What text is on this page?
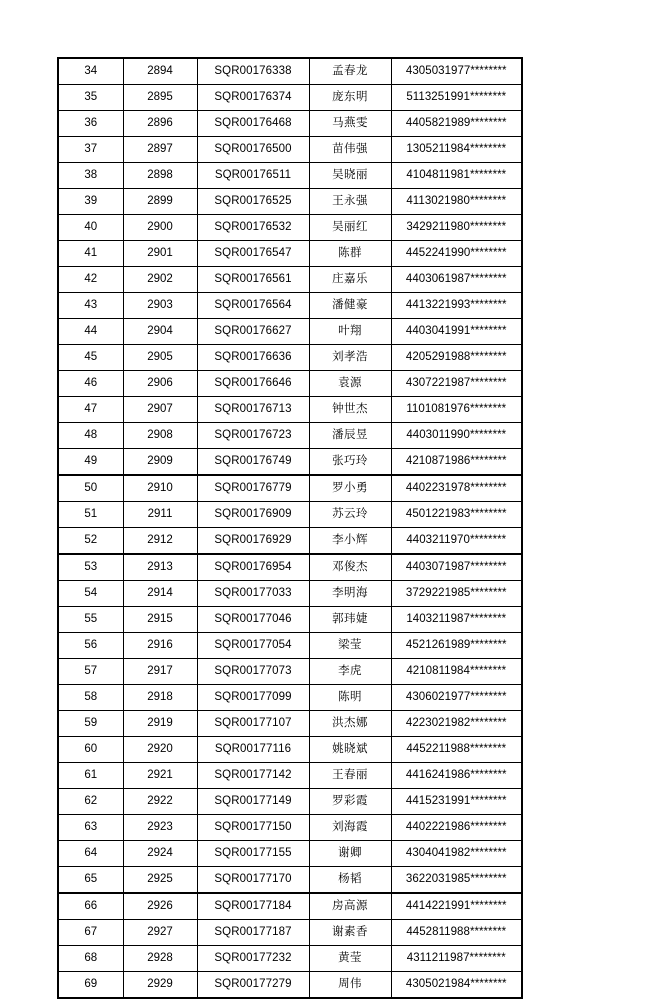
34	2894	SQR00176338	孟春龙	4305031977********
35	2895	SQR00176374	庞东明	5113251991********
36	2896	SQR00176468	马燕雯	4405821989********
37	2897	SQR00176500	苗伟强	1305211984********
38	2898	SQR00176511	吴晓丽	4104811981********
39	2899	SQR00176525	王永强	4113021980********
40	2900	SQR00176532	吴丽红	3429211980********
41	2901	SQR00176547	陈群	4452241990********
42	2902	SQR00176561	庄嘉乐	4403061987********
43	2903	SQR00176564	潘健豪	4413221993********
44	2904	SQR00176627	叶翔	4403041991********
45	2905	SQR00176636	刘孝浩	4205291988********
46	2906	SQR00176646	袁源	4307221987********
47	2907	SQR00176713	钟世杰	1101081976********
48	2908	SQR00176723	潘辰昱	4403011990********
49	2909	SQR00176749	张巧玲	4210871986********
50	2910	SQR00176779	罗小勇	4402231978********
51	2911	SQR00176909	苏云玲	4501221983********
52	2912	SQR00176929	李小辉	4403211970********
53	2913	SQR00176954	邓俊杰	4403071987********
54	2914	SQR00177033	李明海	3729221985********
55	2915	SQR00177046	郭玮婕	1403211987********
56	2916	SQR00177054	梁莹	4521261989********
57	2917	SQR00177073	李虎	4210811984********
58	2918	SQR00177099	陈明	4306021977********
59	2919	SQR00177107	洪杰娜	4223021982********
60	2920	SQR00177116	姚晓斌	4452211988********
61	2921	SQR00177142	王春丽	4416241986********
62	2922	SQR00177149	罗彩霞	4415231991********
63	2923	SQR00177150	刘海霞	4402221986********
64	2924	SQR00177155	谢卿	4304041982********
65	2925	SQR00177170	杨韬	3622031985********
66	2926	SQR00177184	房高源	4414221991********
67	2927	SQR00177187	谢素香	4452811988********
68	2928	SQR00177232	黄莹	4311211987********
69	2929	SQR00177279	周伟	4305021984********
